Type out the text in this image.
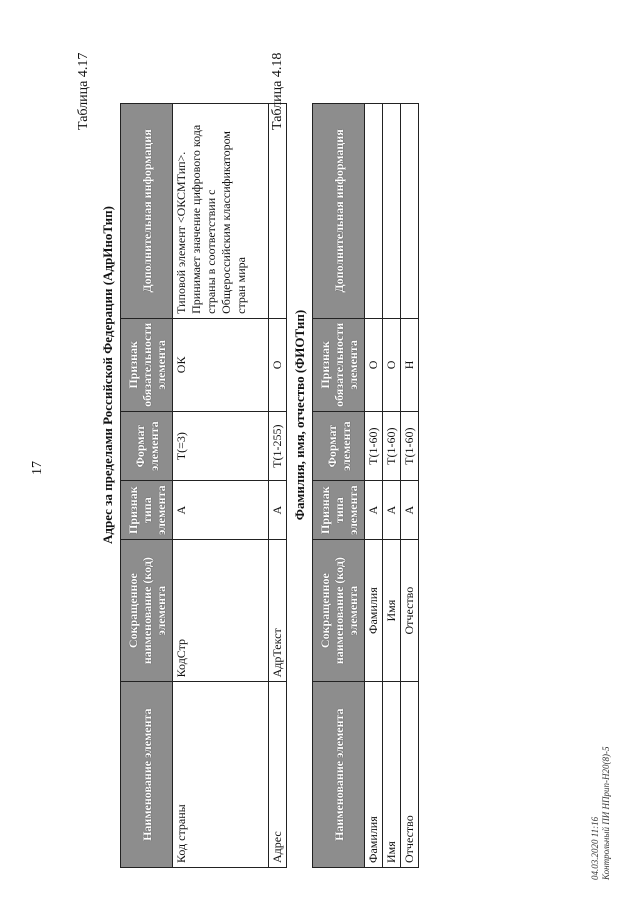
17
Таблица 4.17
Адрес за пределами Российской Федерации (АдрИноТип)
Наименование элемента	Сокращенное наименование (код) элемента	Признак типа элемента	Формат элемента	Признак обязательности элемента	Дополнительная информация
Код страны	КодСтр	А	Т(=3)	ОК	Типовой элемент <ОКСМТип>.
Принимает значение цифрового кода страны в соответствии с Общероссийским классификатором стран мира
Адрес	АдрТекст	А	Т(1-255)	О	
Таблица 4.18
Фамилия, имя, отчество (ФИОТип)
Наименование элемента	Сокращенное наименование (код) элемента	Признак типа элемента	Формат элемента	Признак обязательности элемента	Дополнительная информация
Фамилия	Фамилия	А	Т(1-60)	О	
Имя	Имя	А	Т(1-60)	О	
Отчество	Отчество	А	Т(1-60)	Н	
04.03.2020 11:16 Контрольный ПИ НПрип-Н20(8)-5
